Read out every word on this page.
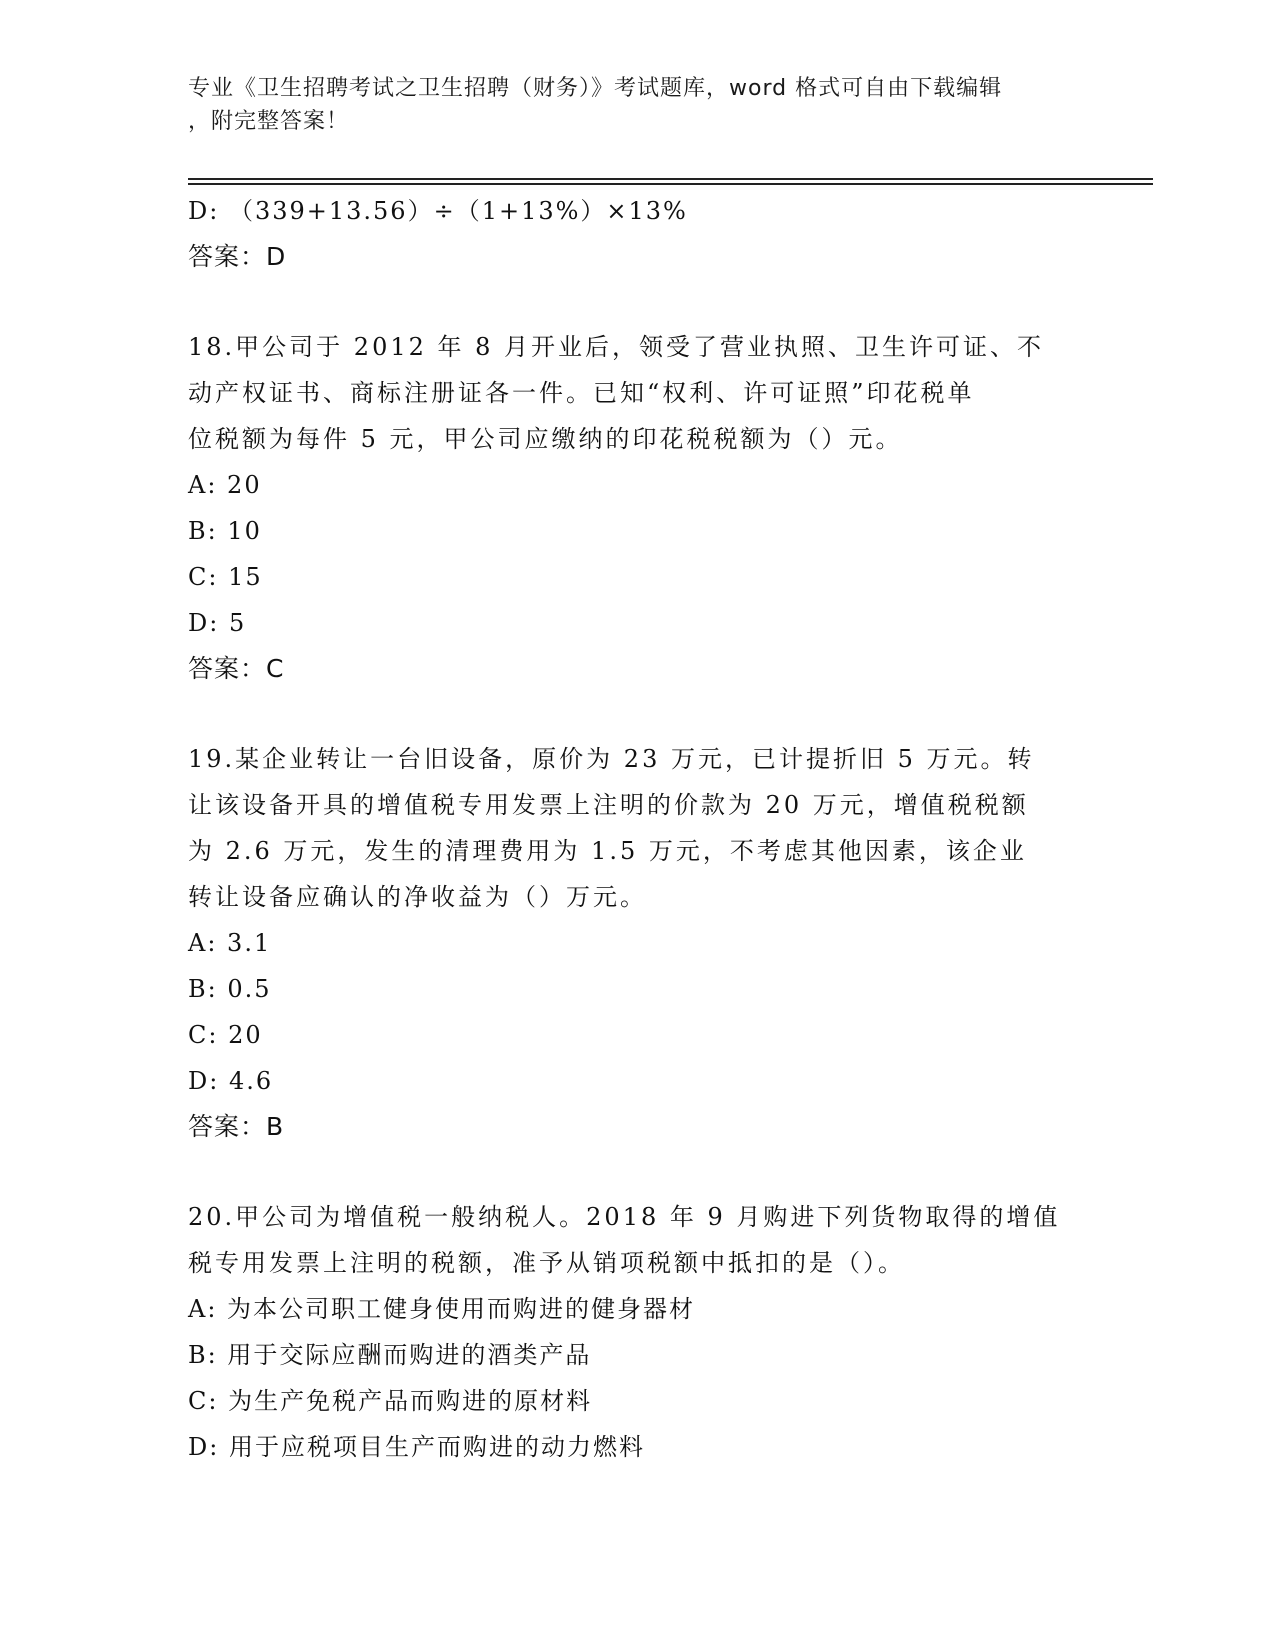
专业《卫生招聘考试之卫生招聘（财务）》考试题库，word 格式可自由下载编辑
，附完整答案！
D: （339+13.56）÷（1+13%）×13%
答案：D
18.甲公司于 2012 年 8 月开业后，领受了营业执照、卫生许可证、不
动产权证书、商标注册证各一件。已知“权利、许可证照”印花税单
位税额为每件 5 元，甲公司应缴纳的印花税税额为（）元。
A: 20
B: 10
C: 15
D: 5
答案：C
19.某企业转让一台旧设备，原价为 23 万元，已计提折旧 5 万元。转
让该设备开具的增值税专用发票上注明的价款为 20 万元，增值税税额
为 2.6 万元，发生的清理费用为 1.5 万元，不考虑其他因素，该企业
转让设备应确认的净收益为（）万元。
A: 3.1
B: 0.5
C: 20
D: 4.6
答案：B
20.甲公司为增值税一般纳税人。2018 年 9 月购进下列货物取得的增值
税专用发票上注明的税额，准予从销项税额中抵扣的是（）。
A: 为本公司职工健身使用而购进的健身器材
B: 用于交际应酬而购进的酒类产品
C: 为生产免税产品而购进的原材料
D: 用于应税项目生产而购进的动力燃料
